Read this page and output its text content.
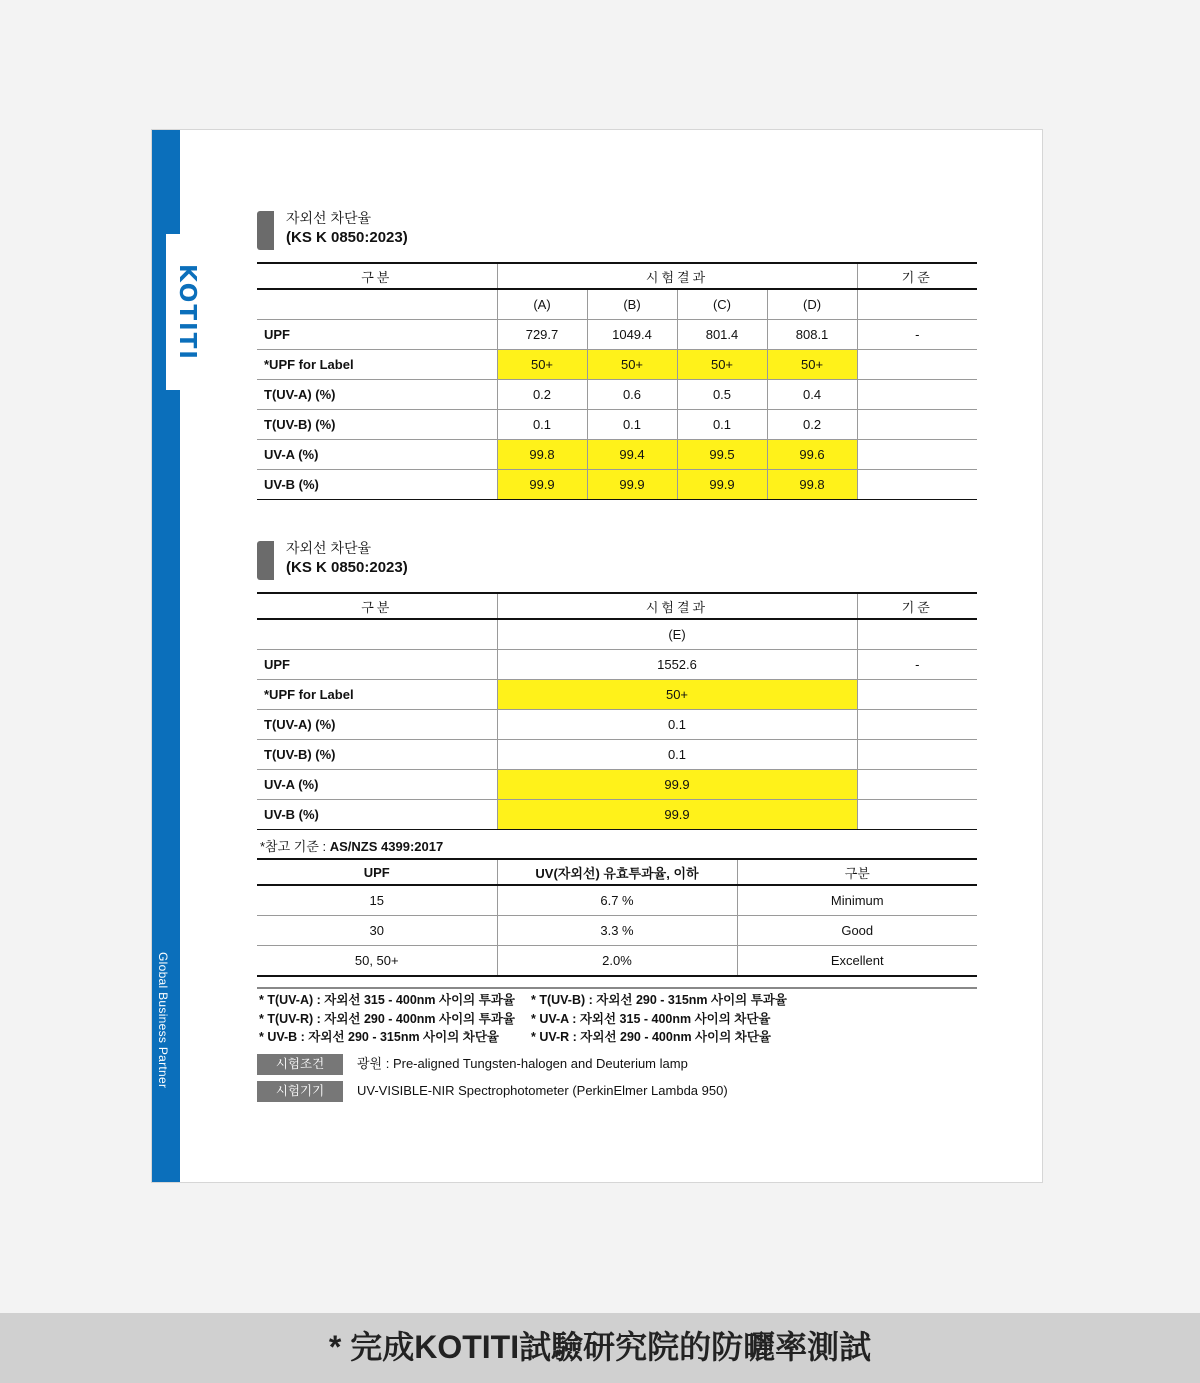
Global Business Partner
KOTITI
자외선 차단율
(KS K 0850:2023)
구분	시험결과				기준
	(A)	(B)	(C)	(D)	
UPF	729.7	1049.4	801.4	808.1	-
*UPF for Label	50+	50+	50+	50+	
T(UV-A) (%)	0.2	0.6	0.5	0.4	
T(UV-B) (%)	0.1	0.1	0.1	0.2	
UV-A (%)	99.8	99.4	99.5	99.6	
UV-B (%)	99.9	99.9	99.9	99.8	
자외선 차단율
(KS K 0850:2023)
구분	시험결과	기준
	(E)	
UPF	1552.6	-
*UPF for Label	50+	
T(UV-A) (%)	0.1	
T(UV-B) (%)	0.1	
UV-A (%)	99.9	
UV-B (%)	99.9	
*참고 기준 : AS/NZS 4399:2017
UPF	UV(자외선) 유효투과율, 이하	구분
15	6.7 %	Minimum
30	3.3 %	Good
50, 50+	2.0%	Excellent
* T(UV-A) : 자외선 315 - 400nm 사이의 투과율 * T(UV-B) : 자외선 290 - 315nm 사이의 투과율
* T(UV-R) : 자외선 290 - 400nm 사이의 투과율 * UV-A : 자외선 315 - 400nm 사이의 차단율
* UV-B : 자외선 290 - 315nm 사이의 차단율	* UV-R : 자외선 290 - 400nm 사이의 차단율
시험조건	광원 : Pre-aligned Tungsten-halogen and Deuterium lamp
시험기기	UV-VISIBLE-NIR Spectrophotometer (PerkinElmer Lambda 950)
* 完成KOTITI試驗研究院的防曬率測試
